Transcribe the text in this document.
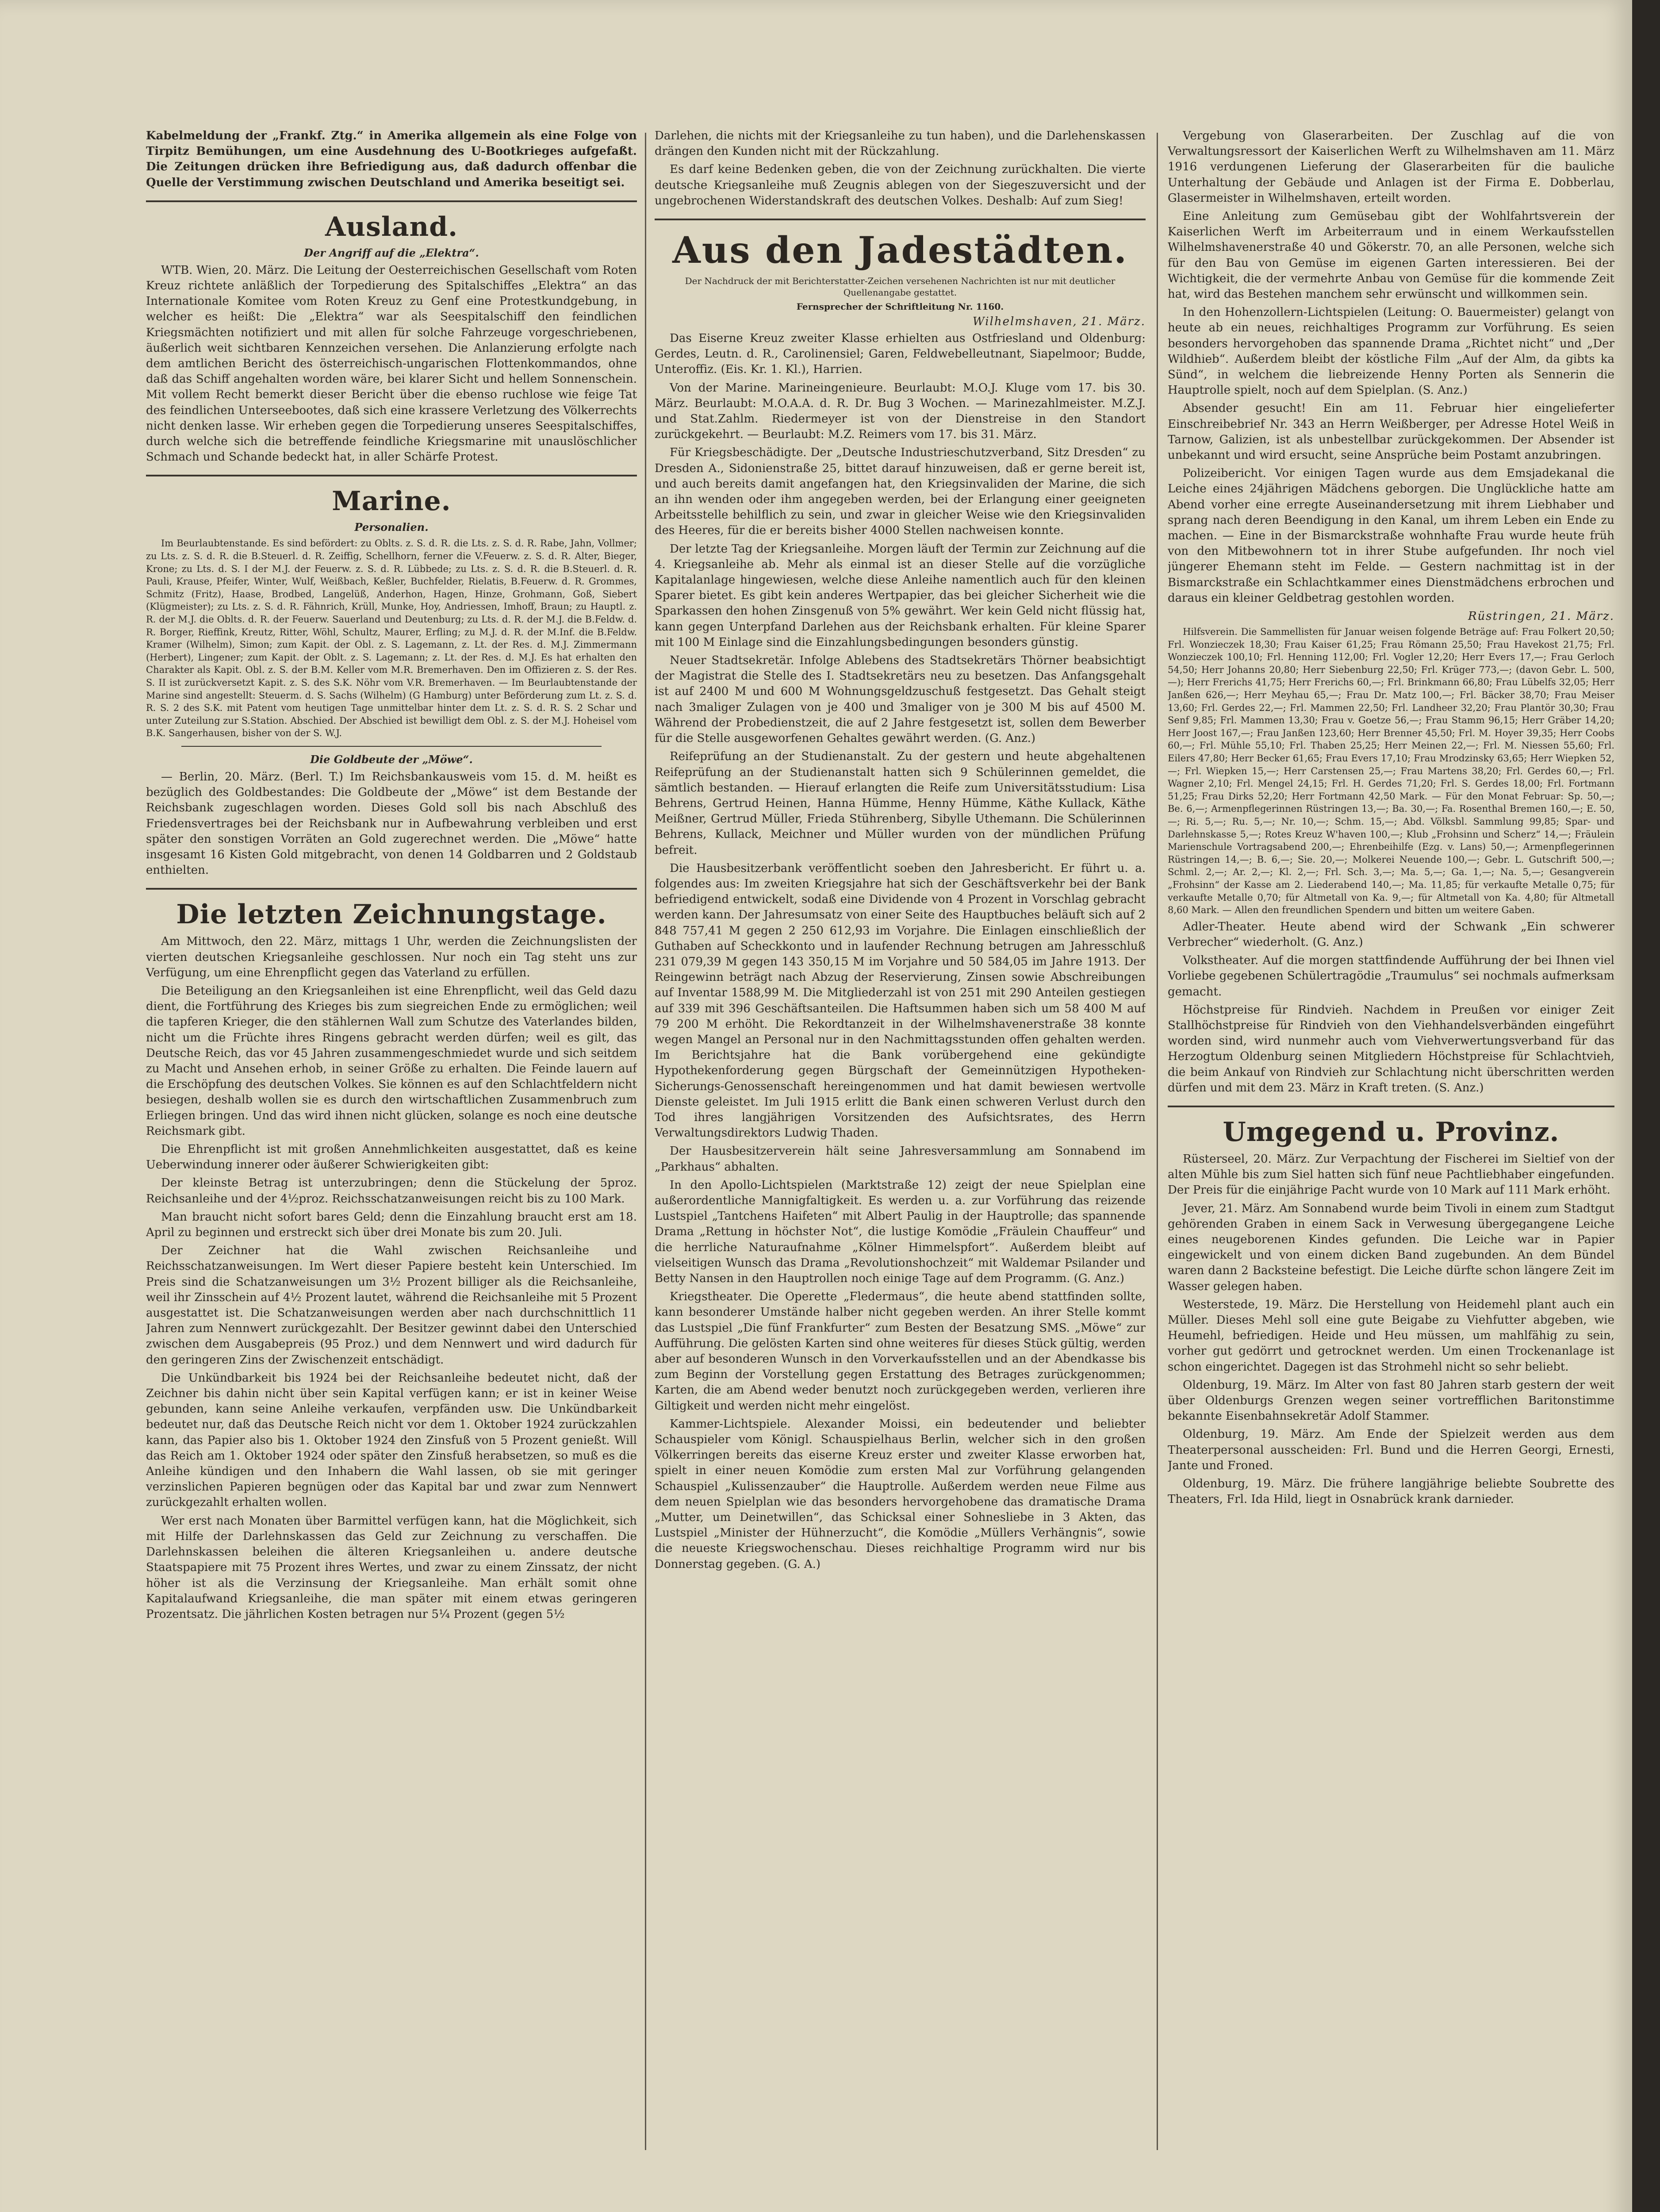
Kabelmeldung der „Frankf. Ztg.“ in Amerika allgemein als eine Folge von Tirpitz Bemühungen, um eine Ausdehnung des U-Bootkrieges aufgefaßt. Die Zeitungen drücken ihre Befriedigung aus, daß dadurch offenbar die Quelle der Verstimmung zwischen Deutschland und Amerika beseitigt sei.

Ausland.
Der Angriff auf die „Elektra“.

WTB. Wien, 20. März. Die Leitung der Oesterreichischen Gesellschaft vom Roten Kreuz richtete anläßlich der Torpedierung des Spitalschiffes „Elektra“ an das Internationale Komitee vom Roten Kreuz zu Genf eine Protestkundgebung, in welcher es heißt: Die „Elektra“ war als Seespitalschiff den feindlichen Kriegsmächten notifiziert und mit allen für solche Fahrzeuge vorgeschriebenen, äußerlich weit sichtbaren Kennzeichen versehen. Die Anlanzierung erfolgte nach dem amtlichen Bericht des österreichisch-ungarischen Flottenkommandos, ohne daß das Schiff angehalten worden wäre, bei klarer Sicht und hellem Sonnenschein. Mit vollem Recht bemerkt dieser Bericht über die ebenso ruchlose wie feige Tat des feindlichen Unterseebootes, daß sich eine krassere Verletzung des Völkerrechts nicht denken lasse. Wir erheben gegen die Torpedierung unseres Seespitalschiffes, durch welche sich die betreffende feindliche Kriegsmarine mit unauslöschlicher Schmach und Schande bedeckt hat, in aller Schärfe Protest.

Marine.
Personalien.

Im Beurlaubtenstande. Es sind befördert: zu Oblts. z. S. d. R. die Lts. z. S. d. R. Rabe, Jahn, Vollmer; zu Lts. z. S. d. R. die B.Steuerl. d. R. Zeiffig, Schellhorn, ferner die V.Feuerw. z. S. d. R. Alter, Bieger, Krone; zu Lts. d. S. I der M.J. der Feuerw. z. S. d. R. Lübbede; zu Lts. z. S. d. R. die B.Steuerl. d. R. Pauli, Krause, Pfeifer, Winter, Wulf, Weißbach, Keßler, Buchfelder, Rielatis, B.Feuerw. d. R. Grommes, Schmitz (Fritz), Haase, Brodbed, Langelüß, Anderhon, Hagen, Hinze, Grohmann, Goß, Siebert (Klügmeister); zu Lts. z. S. d. R. Fähnrich, Krüll, Munke, Hoy, Andriessen, Imhoff, Braun; zu Hauptl. z. R. der M.J. die Oblts. d. R. der Feuerw. Sauerland und Deutenburg; zu Lts. d. R. der M.J. die B.Feldw. d. R. Borger, Rieffink, Kreutz, Ritter, Wöhl, Schultz, Maurer, Erfling; zu M.J. d. R. der M.Inf. die B.Feldw. Kramer (Wilhelm), Simon; zum Kapit. der Obl. z. S. Lagemann, z. Lt. der Res. d. M.J. Zimmermann (Herbert), Lingener; zum Kapit. der Oblt. z. S. Lagemann; z. Lt. der Res. d. M.J. Es hat erhalten den Charakter als Kapit. Obl. z. S. der B.M. Keller vom M.R. Bremerhaven. Den im Offizieren z. S. der Res. S. II ist zurückversetzt Kapit. z. S. des S.K. Nöhr vom V.R. Bremerhaven. — Im Beurlaubtenstande der Marine sind angestellt: Steuerm. d. S. Sachs (Wilhelm) (G Hamburg) unter Beförderung zum Lt. z. S. d. R. S. 2 des S.K. mit Patent vom heutigen Tage unmittelbar hinter dem Lt. z. S. d. R. S. 2 Schar und unter Zuteilung zur S.Station. Abschied. Der Abschied ist bewilligt dem Obl. z. S. der M.J. Hoheisel vom B.K. Sangerhausen, bisher von der S. W.J.

Die Goldbeute der „Möwe“.

— Berlin, 20. März. (Berl. T.) Im Reichsbankausweis vom 15. d. M. heißt es bezüglich des Goldbestandes: Die Goldbeute der „Möwe“ ist dem Bestande der Reichsbank zugeschlagen worden. Dieses Gold soll bis nach Abschluß des Friedensvertrages bei der Reichsbank nur in Aufbewahrung verbleiben und erst später den sonstigen Vorräten an Gold zugerechnet werden. Die „Möwe“ hatte insgesamt 16 Kisten Gold mitgebracht, von denen 14 Goldbarren und 2 Goldstaub enthielten.

Die letzten Zeichnungstage.

Am Mittwoch, den 22. März, mittags 1 Uhr, werden die Zeichnungslisten der vierten deutschen Kriegsanleihe geschlossen. Nur noch ein Tag steht uns zur Verfügung, um eine Ehrenpflicht gegen das Vaterland zu erfüllen.

Die Beteiligung an den Kriegsanleihen ist eine Ehrenpflicht, weil das Geld dazu dient, die Fortführung des Krieges bis zum siegreichen Ende zu ermöglichen; weil die tapferen Krieger, die den stählernen Wall zum Schutze des Vaterlandes bilden, nicht um die Früchte ihres Ringens gebracht werden dürfen; weil es gilt, das Deutsche Reich, das vor 45 Jahren zusammengeschmiedet wurde und sich seitdem zu Macht und Ansehen erhob, in seiner Größe zu erhalten. Die Feinde lauern auf die Erschöpfung des deutschen Volkes. Sie können es auf den Schlachtfeldern nicht besiegen, deshalb wollen sie es durch den wirtschaftlichen Zusammenbruch zum Erliegen bringen. Und das wird ihnen nicht glücken, solange es noch eine deutsche Reichsmark gibt.

Die Ehrenpflicht ist mit großen Annehmlichkeiten ausgestattet, daß es keine Ueberwindung innerer oder äußerer Schwierigkeiten gibt:

Der kleinste Betrag ist unterzubringen; denn die Stückelung der 5proz. Reichsanleihe und der 4½proz. Reichsschatzanweisungen reicht bis zu 100 Mark.

Man braucht nicht sofort bares Geld; denn die Einzahlung braucht erst am 18. April zu beginnen und erstreckt sich über drei Monate bis zum 20. Juli.

Der Zeichner hat die Wahl zwischen Reichsanleihe und Reichsschatzanweisungen. Im Wert dieser Papiere besteht kein Unterschied. Im Preis sind die Schatzanweisungen um 3½ Prozent billiger als die Reichsanleihe, weil ihr Zinsschein auf 4½ Prozent lautet, während die Reichsanleihe mit 5 Prozent ausgestattet ist. Die Schatzanweisungen werden aber nach durchschnittlich 11 Jahren zum Nennwert zurückgezahlt. Der Besitzer gewinnt dabei den Unterschied zwischen dem Ausgabepreis (95 Proz.) und dem Nennwert und wird dadurch für den geringeren Zins der Zwischenzeit entschädigt.

Die Unkündbarkeit bis 1924 bei der Reichsanleihe bedeutet nicht, daß der Zeichner bis dahin nicht über sein Kapital verfügen kann; er ist in keiner Weise gebunden, kann seine Anleihe verkaufen, verpfänden usw. Die Unkündbarkeit bedeutet nur, daß das Deutsche Reich nicht vor dem 1. Oktober 1924 zurückzahlen kann, das Papier also bis 1. Oktober 1924 den Zinsfuß von 5 Prozent genießt. Will das Reich am 1. Oktober 1924 oder später den Zinsfuß herabsetzen, so muß es die Anleihe kündigen und den Inhabern die Wahl lassen, ob sie mit geringer verzinslichen Papieren begnügen oder das Kapital bar und zwar zum Nennwert zurückgezahlt erhalten wollen.

Wer erst nach Monaten über Barmittel verfügen kann, hat die Möglichkeit, sich mit Hilfe der Darlehnskassen das Geld zur Zeichnung zu verschaffen. Die Darlehnskassen beleihen die älteren Kriegsanleihen u. andere deutsche Staatspapiere mit 75 Prozent ihres Wertes, und zwar zu einem Zinssatz, der nicht höher ist als die Verzinsung der Kriegsanleihe. Man erhält somit ohne Kapitalaufwand Kriegsanleihe, die man später mit einem etwas geringeren Prozentsatz. Die jährlichen Kosten betragen nur 5¼ Prozent (gegen 5½

Darlehen, die nichts mit der Kriegsanleihe zu tun haben), und die Darlehenskassen drängen den Kunden nicht mit der Rückzahlung.

Es darf keine Bedenken geben, die von der Zeichnung zurückhalten. Die vierte deutsche Kriegsanleihe muß Zeugnis ablegen von der Siegeszuversicht und der ungebrochenen Widerstandskraft des deutschen Volkes. Deshalb: Auf zum Sieg!

Aus den Jadestädten.
Der Nachdruck der mit Berichterstatter-Zeichen versehenen Nachrichten ist nur mit deutlicher Quellenangabe gestattet.
Fernsprecher der Schriftleitung Nr. 1160.
Wilhelmshaven, 21. März.

Das Eiserne Kreuz zweiter Klasse erhielten aus Ostfriesland und Oldenburg: Gerdes, Leutn. d. R., Carolinensiel; Garen, Feldwebelleutnant, Siapelmoor; Budde, Unteroffiz. (Eis. Kr. 1. Kl.), Harrien.

Von der Marine. Marineingenieure. Beurlaubt: M.O.J. Kluge vom 17. bis 30. März. Beurlaubt: M.O.A.A. d. R. Dr. Bug 3 Wochen. — Marinezahlmeister. M.Z.J. und Stat.Zahlm. Riedermeyer ist von der Dienstreise in den Standort zurückgekehrt. — Beurlaubt: M.Z. Reimers vom 17. bis 31. März.

Für Kriegsbeschädigte. Der „Deutsche Industrieschutzverband, Sitz Dresden“ zu Dresden A., Sidonienstraße 25, bittet darauf hinzuweisen, daß er gerne bereit ist, und auch bereits damit angefangen hat, den Kriegsinvaliden der Marine, die sich an ihn wenden oder ihm angegeben werden, bei der Erlangung einer geeigneten Arbeitsstelle behilflich zu sein, und zwar in gleicher Weise wie den Kriegsinvaliden des Heeres, für die er bereits bisher 4000 Stellen nachweisen konnte.

Der letzte Tag der Kriegsanleihe. Morgen läuft der Termin zur Zeichnung auf die 4. Kriegsanleihe ab. Mehr als einmal ist an dieser Stelle auf die vorzügliche Kapitalanlage hingewiesen, welche diese Anleihe namentlich auch für den kleinen Sparer bietet. Es gibt kein anderes Wertpapier, das bei gleicher Sicherheit wie die Sparkassen den hohen Zinsgenuß von 5% gewährt. Wer kein Geld nicht flüssig hat, kann gegen Unterpfand Darlehen aus der Reichsbank erhalten. Für kleine Sparer mit 100 M Einlage sind die Einzahlungsbedingungen besonders günstig.

Neuer Stadtsekretär. Infolge Ablebens des Stadtsekretärs Thörner beabsichtigt der Magistrat die Stelle des I. Stadtsekretärs neu zu besetzen. Das Anfangsgehalt ist auf 2400 M und 600 M Wohnungsgeldzuschuß festgesetzt. Das Gehalt steigt nach 3maliger Zulagen von je 400 und 3maliger von je 300 M bis auf 4500 M. Während der Probedienstzeit, die auf 2 Jahre festgesetzt ist, sollen dem Bewerber für die Stelle ausgeworfenen Gehaltes gewährt werden. (G. Anz.)

Reifeprüfung an der Studienanstalt. Zu der gestern und heute abgehaltenen Reifeprüfung an der Studienanstalt hatten sich 9 Schülerinnen gemeldet, die sämtlich bestanden. — Hierauf erlangten die Reife zum Universitätsstudium: Lisa Behrens, Gertrud Heinen, Hanna Hümme, Henny Hümme, Käthe Kullack, Käthe Meißner, Gertrud Müller, Frieda Stührenberg, Sibylle Uthemann. Die Schülerinnen Behrens, Kullack, Meichner und Müller wurden von der mündlichen Prüfung befreit.

Die Hausbesitzerbank veröffentlicht soeben den Jahresbericht. Er führt u. a. folgendes aus: Im zweiten Kriegsjahre hat sich der Geschäftsverkehr bei der Bank befriedigend entwickelt, sodaß eine Dividende von 4 Prozent in Vorschlag gebracht werden kann. Der Jahresumsatz von einer Seite des Hauptbuches beläuft sich auf 2 848 757,41 M gegen 2 250 612,93 im Vorjahre. Die Einlagen einschließlich der Guthaben auf Scheckkonto und in laufender Rechnung betrugen am Jahresschluß 231 079,39 M gegen 143 350,15 M im Vorjahre und 50 584,05 im Jahre 1913. Der Reingewinn beträgt nach Abzug der Reservierung, Zinsen sowie Abschreibungen auf Inventar 1588,99 M. Die Mitgliederzahl ist von 251 mit 290 Anteilen gestiegen auf 339 mit 396 Geschäftsanteilen. Die Haftsummen haben sich um 58 400 M auf 79 200 M erhöht. Die Rekordtanzeit in der Wilhelmshavenerstraße 38 konnte wegen Mangel an Personal nur in den Nachmittagsstunden offen gehalten werden. Im Berichtsjahre hat die Bank vorübergehend eine gekündigte Hypothekenforderung gegen Bürgschaft der Gemeinnützigen Hypotheken-Sicherungs-Genossenschaft hereingenommen und hat damit bewiesen wertvolle Dienste geleistet. Im Juli 1915 erlitt die Bank einen schweren Verlust durch den Tod ihres langjährigen Vorsitzenden des Aufsichtsrates, des Herrn Verwaltungsdirektors Ludwig Thaden.

Der Hausbesitzerverein hält seine Jahresversammlung am Sonnabend im „Parkhaus“ abhalten.

In den Apollo-Lichtspielen (Marktstraße 12) zeigt der neue Spielplan eine außerordentliche Mannigfaltigkeit. Es werden u. a. zur Vorführung das reizende Lustspiel „Tantchens Haifeten“ mit Albert Paulig in der Hauptrolle; das spannende Drama „Rettung in höchster Not“, die lustige Komödie „Fräulein Chauffeur“ und die herrliche Naturaufnahme „Kölner Himmelspfort“. Außerdem bleibt auf vielseitigen Wunsch das Drama „Revolutionshochzeit“ mit Waldemar Psilander und Betty Nansen in den Hauptrollen noch einige Tage auf dem Programm. (G. Anz.)

Kriegstheater. Die Operette „Fledermaus“, die heute abend stattfinden sollte, kann besonderer Umstände halber nicht gegeben werden. An ihrer Stelle kommt das Lustspiel „Die fünf Frankfurter“ zum Besten der Besatzung SMS. „Möwe“ zur Aufführung. Die gelösten Karten sind ohne weiteres für dieses Stück gültig, werden aber auf besonderen Wunsch in den Vorverkaufsstellen und an der Abendkasse bis zum Beginn der Vorstellung gegen Erstattung des Betrages zurückgenommen; Karten, die am Abend weder benutzt noch zurückgegeben werden, verlieren ihre Giltigkeit und werden nicht mehr eingelöst.

Kammer-Lichtspiele. Alexander Moissi, ein bedeutender und beliebter Schauspieler vom Königl. Schauspielhaus Berlin, welcher sich in den großen Völkerringen bereits das eiserne Kreuz erster und zweiter Klasse erworben hat, spielt in einer neuen Komödie zum ersten Mal zur Vorführung gelangenden Schauspiel „Kulissenzauber“ die Hauptrolle. Außerdem werden neue Filme aus dem neuen Spielplan wie das besonders hervorgehobene das dramatische Drama „Mutter, um Deinetwillen“, das Schicksal einer Sohnesliebe in 3 Akten, das Lustspiel „Minister der Hühnerzucht“, die Komödie „Müllers Verhängnis“, sowie die neueste Kriegswochenschau. Dieses reichhaltige Programm wird nur bis Donnerstag gegeben. (G. A.)

Vergebung von Glaserarbeiten. Der Zuschlag auf die von Verwaltungsressort der Kaiserlichen Werft zu Wilhelmshaven am 11. März 1916 verdungenen Lieferung der Glaserarbeiten für die bauliche Unterhaltung der Gebäude und Anlagen ist der Firma E. Dobberlau, Glasermeister in Wilhelmshaven, erteilt worden.

Eine Anleitung zum Gemüsebau gibt der Wohlfahrtsverein der Kaiserlichen Werft im Arbeiterraum und in einem Werkaufsstellen Wilhelmshavenerstraße 40 und Gökerstr. 70, an alle Personen, welche sich für den Bau von Gemüse im eigenen Garten interessieren. Bei der Wichtigkeit, die der vermehrte Anbau von Gemüse für die kommende Zeit hat, wird das Bestehen manchem sehr erwünscht und willkommen sein.

In den Hohenzollern-Lichtspielen (Leitung: O. Bauermeister) gelangt von heute ab ein neues, reichhaltiges Programm zur Vorführung. Es seien besonders hervorgehoben das spannende Drama „Richtet nicht“ und „Der Wildhieb“. Außerdem bleibt der köstliche Film „Auf der Alm, da gibts ka Sünd“, in welchem die liebreizende Henny Porten als Sennerin die Hauptrolle spielt, noch auf dem Spielplan. (S. Anz.)

Absender gesucht! Ein am 11. Februar hier eingelieferter Einschreibebrief Nr. 343 an Herrn Weißberger, per Adresse Hotel Weiß in Tarnow, Galizien, ist als unbestellbar zurückgekommen. Der Absender ist unbekannt und wird ersucht, seine Ansprüche beim Postamt anzubringen.

Polizeibericht. Vor einigen Tagen wurde aus dem Emsjadekanal die Leiche eines 24jährigen Mädchens geborgen. Die Unglückliche hatte am Abend vorher eine erregte Auseinandersetzung mit ihrem Liebhaber und sprang nach deren Beendigung in den Kanal, um ihrem Leben ein Ende zu machen. — Eine in der Bismarckstraße wohnhafte Frau wurde heute früh von den Mitbewohnern tot in ihrer Stube aufgefunden. Ihr noch viel jüngerer Ehemann steht im Felde. — Gestern nachmittag ist in der Bismarckstraße ein Schlachtkammer eines Dienstmädchens erbrochen und daraus ein kleiner Geldbetrag gestohlen worden.

Rüstringen, 21. März.

Hilfsverein. Die Sammellisten für Januar weisen folgende Beträge auf: Frau Folkert 20,50; Frl. Wonzieczek 18,30; Frau Kaiser 61,25; Frau Römann 25,50; Frau Havekost 21,75; Frl. Wonzieczek 100,10; Frl. Henning 112,00; Frl. Vogler 12,20; Herr Evers 17,—; Frau Gerloch 54,50; Herr Johanns 20,80; Herr Siebenburg 22,50; Frl. Krüger 773,—; (davon Gebr. L. 500,—); Herr Frerichs 41,75; Herr Frerichs 60,—; Frl. Brinkmann 66,80; Frau Lübelfs 32,05; Herr Janßen 626,—; Herr Meyhau 65,—; Frau Dr. Matz 100,—; Frl. Bäcker 38,70; Frau Meiser 13,60; Frl. Gerdes 22,—; Frl. Mammen 22,50; Frl. Landheer 32,20; Frau Plantör 30,30; Frau Senf 9,85; Frl. Mammen 13,30; Frau v. Goetze 56,—; Frau Stamm 96,15; Herr Gräber 14,20; Herr Joost 167,—; Frau Janßen 123,60; Herr Brenner 45,50; Frl. M. Hoyer 39,35; Herr Coobs 60,—; Frl. Mühle 55,10; Frl. Thaben 25,25; Herr Meinen 22,—; Frl. M. Niessen 55,60; Frl. Eilers 47,80; Herr Becker 61,65; Frau Evers 17,10; Frau Mrodzinsky 63,65; Herr Wiepken 52,—; Frl. Wiepken 15,—; Herr Carstensen 25,—; Frau Martens 38,20; Frl. Gerdes 60,—; Frl. Wagner 2,10; Frl. Mengel 24,15; Frl. H. Gerdes 71,20; Frl. S. Gerdes 18,00; Frl. Fortmann 51,25; Frau Dirks 52,20; Herr Fortmann 42,50 Mark. — Für den Monat Februar: Sp. 50,—; Be. 6,—; Armenpflegerinnen Rüstringen 13,—; Ba. 30,—; Fa. Rosenthal Bremen 160,—; E. 50,—; Ri. 5,—; Ru. 5,—; Nr. 10,—; Schm. 15,—; Abd. Völksbl. Sammlung 99,85; Spar- und Darlehnskasse 5,—; Rotes Kreuz W'haven 100,—; Klub „Frohsinn und Scherz“ 14,—; Fräulein Marienschule Vortragsabend 200,—; Ehrenbeihilfe (Ezg. v. Lans) 50,—; Armenpflegerinnen Rüstringen 14,—; B. 6,—; Sie. 20,—; Molkerei Neuende 100,—; Gebr. L. Gutschrift 500,—; Schml. 2,—; Ar. 2,—; Kl. 2,—; Frl. Sch. 3,—; Ma. 5,—; Ga. 1,—; Na. 5,—; Gesangverein „Frohsinn“ der Kasse am 2. Liederabend 140,—; Ma. 11,85; für verkaufte Metalle 0,75; für verkaufte Metalle 0,70; für Altmetall von Ka. 9,—; für Altmetall von Ka. 4,80; für Altmetall 8,60 Mark. — Allen den freundlichen Spendern und bitten um weitere Gaben.

Adler-Theater. Heute abend wird der Schwank „Ein schwerer Verbrecher“ wiederholt. (G. Anz.)

Volkstheater. Auf die morgen stattfindende Aufführung der bei Ihnen viel Vorliebe gegebenen Schülertragödie „Traumulus“ sei nochmals aufmerksam gemacht.

Höchstpreise für Rindvieh. Nachdem in Preußen vor einiger Zeit Stallhöchstpreise für Rindvieh von den Viehhandelsverbänden eingeführt worden sind, wird nunmehr auch vom Viehverwertungsverband für das Herzogtum Oldenburg seinen Mitgliedern Höchstpreise für Schlachtvieh, die beim Ankauf von Rindvieh zur Schlachtung nicht überschritten werden dürfen und mit dem 23. März in Kraft treten. (S. Anz.)

Umgegend u. Provinz.

Rüsterseel, 20. März. Zur Verpachtung der Fischerei im Sieltief von der alten Mühle bis zum Siel hatten sich fünf neue Pachtliebhaber eingefunden. Der Preis für die einjährige Pacht wurde von 10 Mark auf 111 Mark erhöht.

Jever, 21. März. Am Sonnabend wurde beim Tivoli in einem zum Stadtgut gehörenden Graben in einem Sack in Verwesung übergegangene Leiche eines neugeborenen Kindes gefunden. Die Leiche war in Papier eingewickelt und von einem dicken Band zugebunden. An dem Bündel waren dann 2 Backsteine befestigt. Die Leiche dürfte schon längere Zeit im Wasser gelegen haben.

Westerstede, 19. März. Die Herstellung von Heidemehl plant auch ein Müller. Dieses Mehl soll eine gute Beigabe zu Viehfutter abgeben, wie Heumehl, befriedigen. Heide und Heu müssen, um mahlfähig zu sein, vorher gut gedörrt und getrocknet werden. Um einen Trockenanlage ist schon eingerichtet. Dagegen ist das Strohmehl nicht so sehr beliebt.

Oldenburg, 19. März. Im Alter von fast 80 Jahren starb gestern der weit über Oldenburgs Grenzen wegen seiner vortrefflichen Baritonstimme bekannte Eisenbahnsekretär Adolf Stammer.

Oldenburg, 19. März. Am Ende der Spielzeit werden aus dem Theaterpersonal ausscheiden: Frl. Bund und die Herren Georgi, Ernesti, Jante und Froned.

Oldenburg, 19. März. Die frühere langjährige beliebte Soubrette des Theaters, Frl. Ida Hild, liegt in Osnabrück krank darnieder.
